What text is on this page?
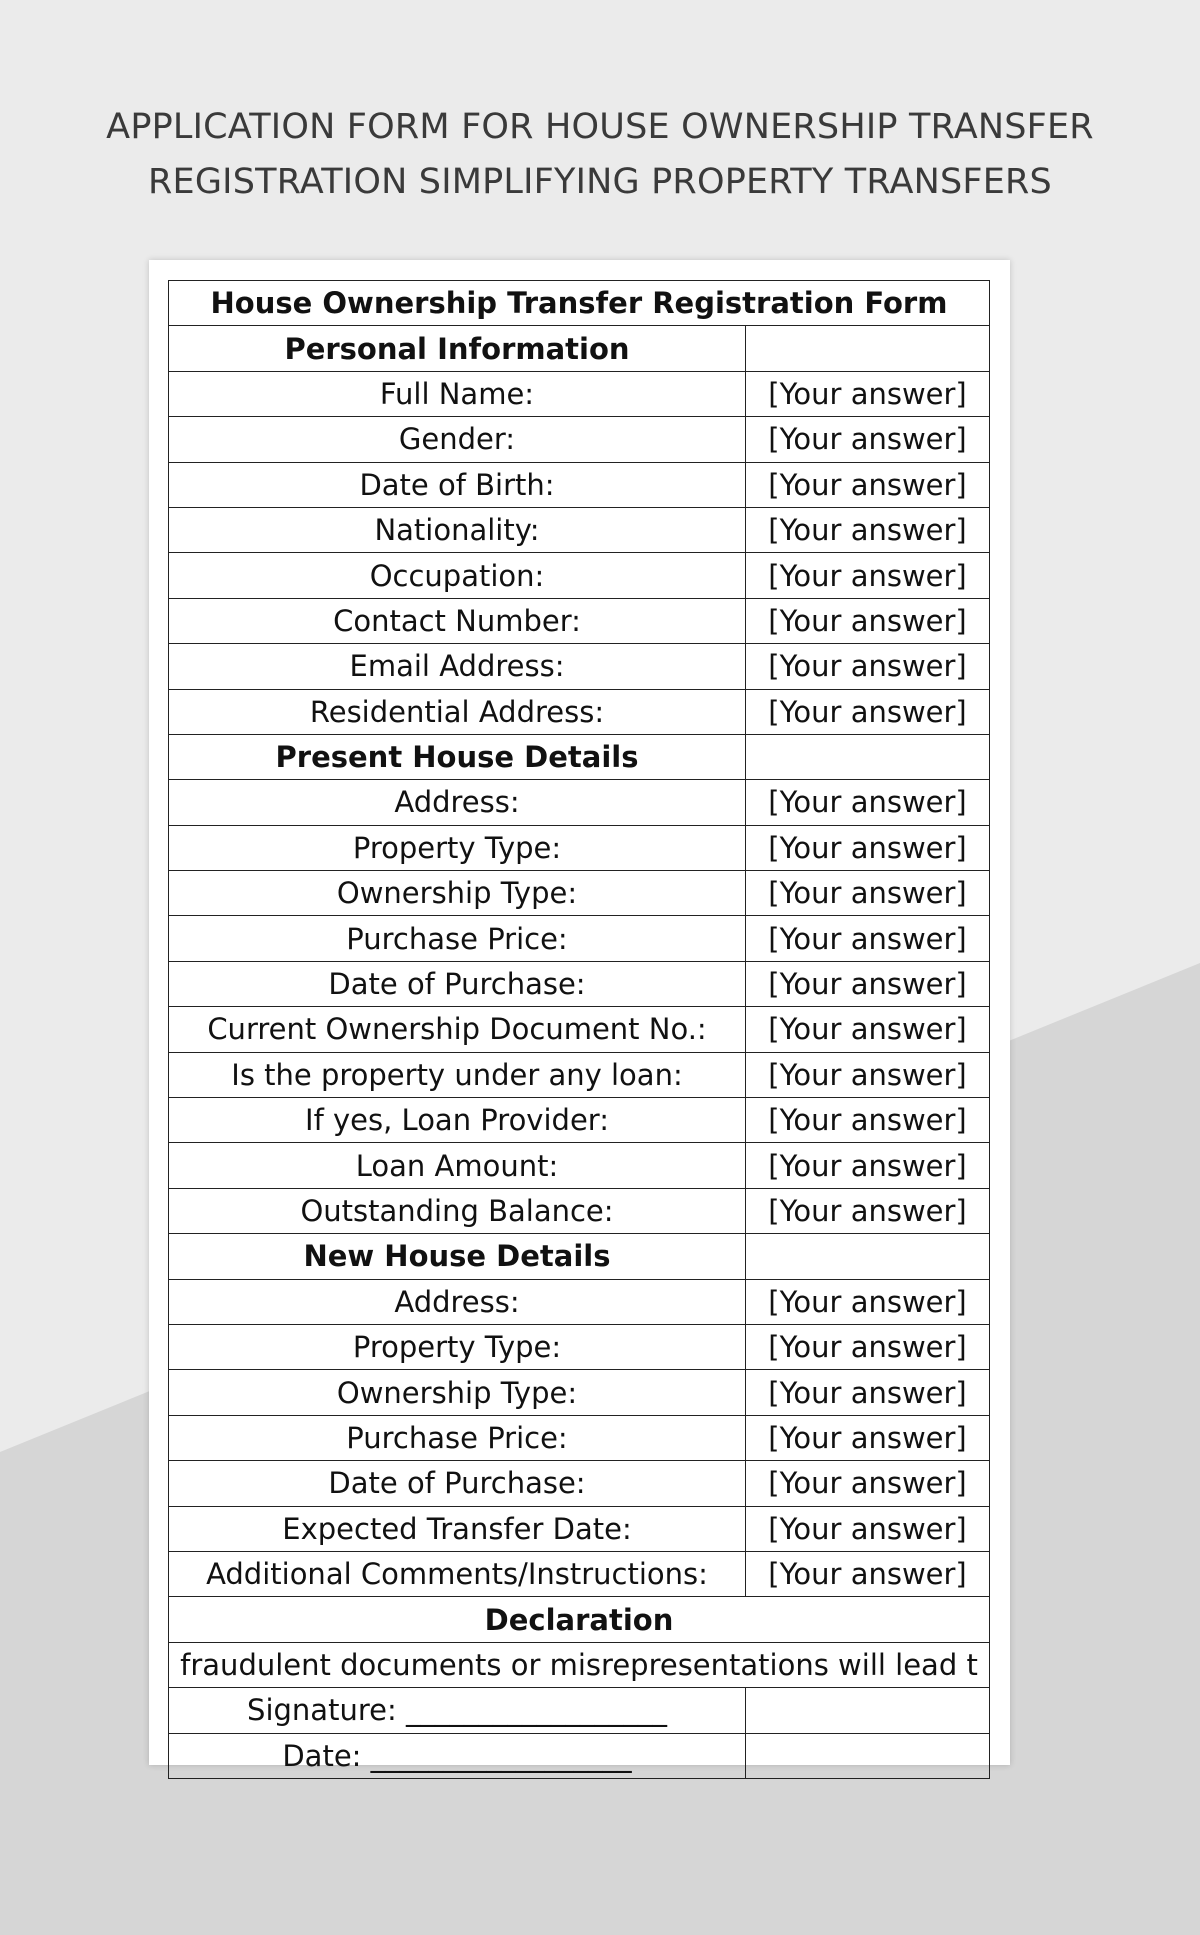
APPLICATION FORM FOR HOUSE OWNERSHIP TRANSFER
REGISTRATION SIMPLIFYING PROPERTY TRANSFERS
House Ownership Transfer Registration Form	
Personal Information	
Full Name:	[Your answer]
Gender:	[Your answer]
Date of Birth:	[Your answer]
Nationality:	[Your answer]
Occupation:	[Your answer]
Contact Number:	[Your answer]
Email Address:	[Your answer]
Residential Address:	[Your answer]
Present House Details	
Address:	[Your answer]
Property Type:	[Your answer]
Ownership Type:	[Your answer]
Purchase Price:	[Your answer]
Date of Purchase:	[Your answer]
Current Ownership Document No.:	[Your answer]
Is the property under any loan:	[Your answer]
If yes, Loan Provider:	[Your answer]
Loan Amount:	[Your answer]
Outstanding Balance:	[Your answer]
New House Details	
Address:	[Your answer]
Property Type:	[Your answer]
Ownership Type:	[Your answer]
Purchase Price:	[Your answer]
Date of Purchase:	[Your answer]
Expected Transfer Date:	[Your answer]
Additional Comments/Instructions:	[Your answer]
Declaration	
fraudulent documents or misrepresentations will lead t	
Signature: __________________	
Date: __________________	
